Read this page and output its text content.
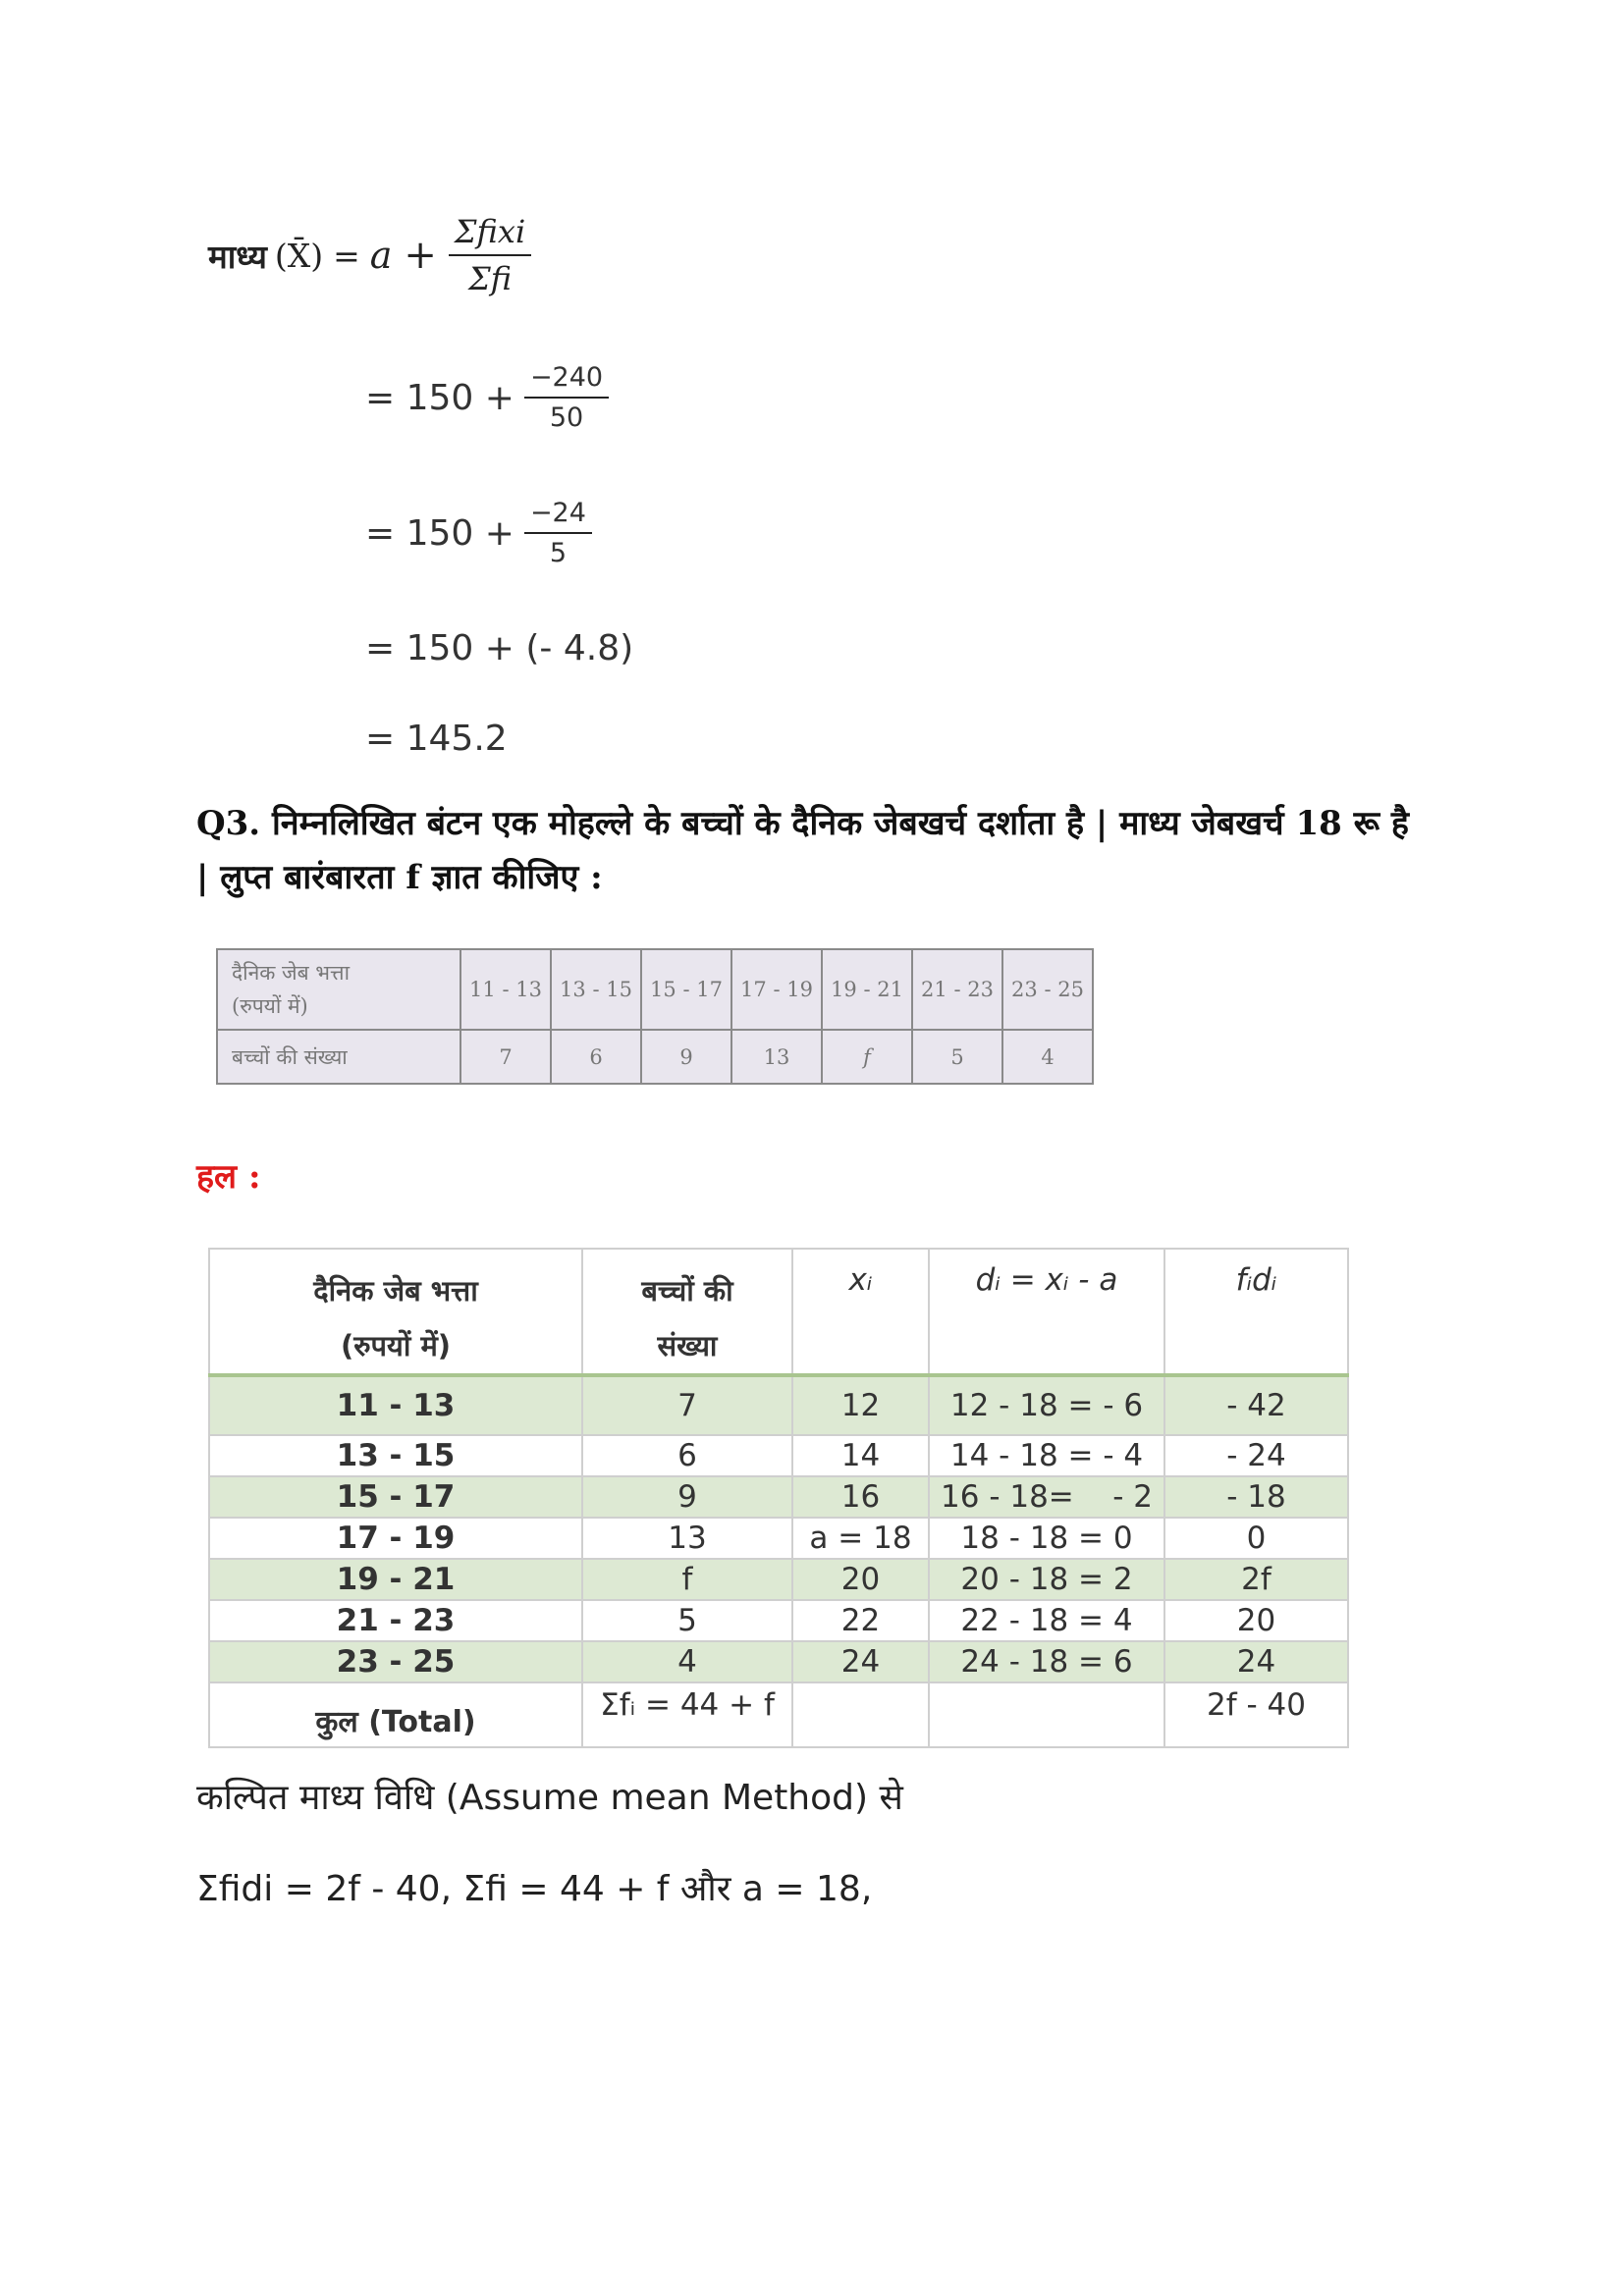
माध्य (X̄) = $a + \frac{\text{Σfixi}}{\text{Σfi}}$
= $150 + \frac{-240}{50}$
= $150 + \frac{-24}{5}$
= 150 + (- 4.8)
= 145.2
Q3. निम्नलिखित बंटन एक मोहल्ले के बच्चों के दैनिक जेबखर्च दर्शाता है | माध्य जेबखर्च 18 रू है | लुप्त बारंबारता f ज्ञात कीजिए :
दैनिक जेब भत्ता
(रुपयों में)	11 - 13	13 - 15	15 - 17	17 - 19	19 - 21	21 - 23	23 - 25
बच्चों की संख्या	7	6	9	13	f	5	4
हल :
दैनिक जेब भत्ता
(रुपयों में)	बच्चों की
संख्या	xᵢ	dᵢ = xᵢ - a	fᵢdᵢ
11 - 13	7	12	12 - 18 = - 6	- 42
13 - 15	6	14	14 - 18 = - 4	- 24
15 - 17	9	16	16 - 18=    - 2	- 18
17 - 19	13	a = 18	18 - 18 = 0	0
19 - 21	f	20	20 - 18 = 2	2f
21 - 23	5	22	22 - 18 = 4	20
23 - 25	4	24	24 - 18 = 6	24
कुल (Total)	Σfᵢ = 44 + f			2f - 40
कल्पित माध्य विधि (Assume mean Method) से
Σfidi = 2f - 40, Σfi = 44 + f और a = 18,
